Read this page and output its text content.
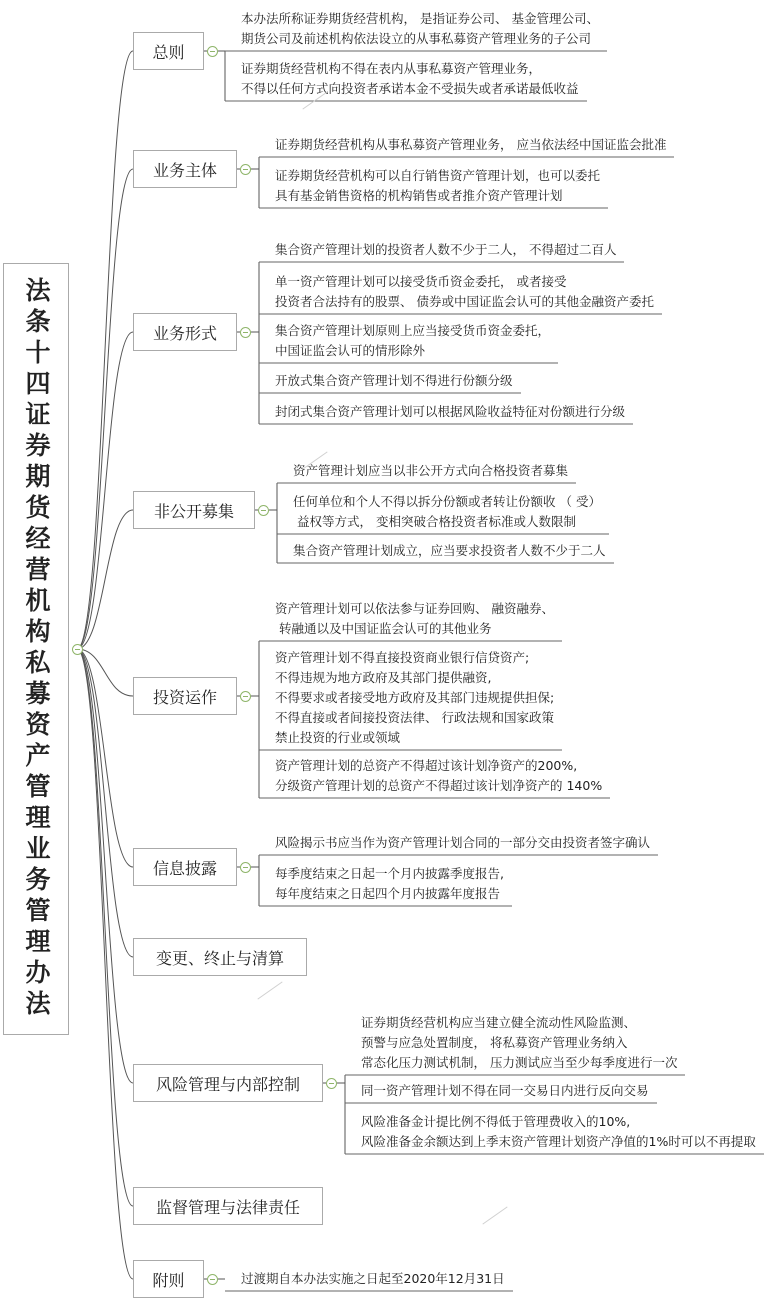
法条十四证券期货经营机构私募资产管理业务管理办法
总则
本办法所称证券期货经营机构， 是指证券公司、 基金管理公司、
期货公司及前述机构依法设立的从事私募资产管理业务的子公司
证券期货经营机构不得在表内从事私募资产管理业务，
不得以任何方式向投资者承诺本金不受损失或者承诺最低收益
业务主体
证券期货经营机构从事私募资产管理业务， 应当依法经中国证监会批准
证券期货经营机构可以自行销售资产管理计划，也可以委托
具有基金销售资格的机构销售或者推介资产管理计划
业务形式
集合资产管理计划的投资者人数不少于二人， 不得超过二百人
单一资产管理计划可以接受货币资金委托， 或者接受
投资者合法持有的股票、 债券或中国证监会认可的其他金融资产委托
集合资产管理计划原则上应当接受货币资金委托，
中国证监会认可的情形除外
开放式集合资产管理计划不得进行份额分级
封闭式集合资产管理计划可以根据风险收益特征对份额进行分级
非公开募集
资产管理计划应当以非公开方式向合格投资者募集
任何单位和个人不得以拆分份额或者转让份额收 （ 受）
益权等方式， 变相突破合格投资者标准或人数限制
集合资产管理计划成立，应当要求投资者人数不少于二人
投资运作
资产管理计划可以依法参与证券回购、 融资融券、
转融通以及中国证监会认可的其他业务
资产管理计划不得直接投资商业银行信贷资产;
不得违规为地方政府及其部门提供融资,
不得要求或者接受地方政府及其部门违规提供担保;
不得直接或者间接投资法律、 行政法规和国家政策
禁止投资的行业或领域
资产管理计划的总资产不得超过该计划净资产的200%,
分级资产管理计划的总资产不得超过该计划净资产的 140%
信息披露
风险揭示书应当作为资产管理计划合同的一部分交由投资者签字确认
每季度结束之日起一个月内披露季度报告,
每年度结束之日起四个月内披露年度报告
变更、终止与清算
风险管理与内部控制
证券期货经营机构应当建立健全流动性风险监测、
预警与应急处置制度， 将私募资产管理业务纳入
常态化压力测试机制， 压力测试应当至少每季度进行一次
同一资产管理计划不得在同一交易日内进行反向交易
风险准备金计提比例不得低于管理费收入的10%,
风险准备金余额达到上季末资产管理计划资产净值的1%时可以不再提取
监督管理与法律责任
附则	过渡期自本办法实施之日起至2020年12月31日
